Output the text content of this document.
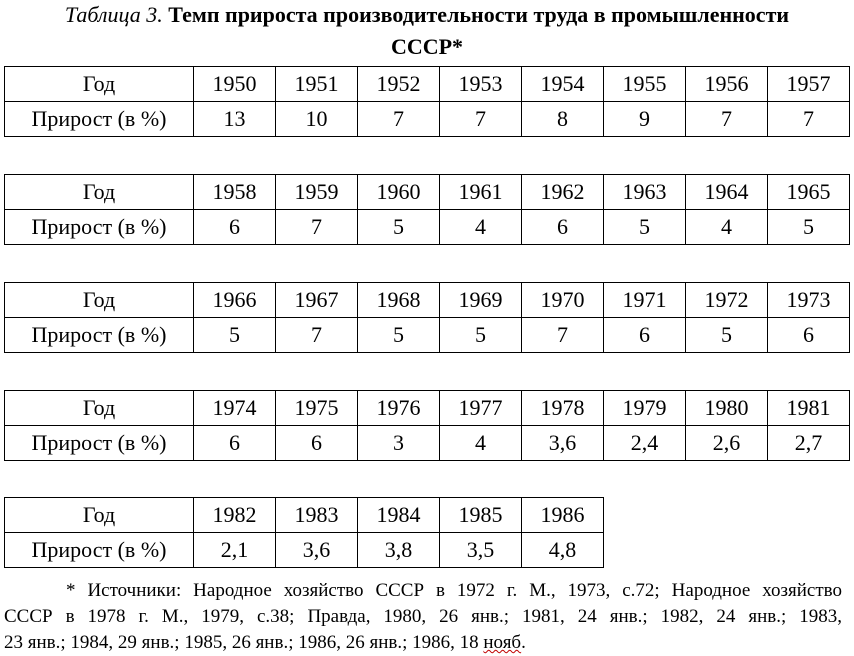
Таблица 3. Темп прироста производительности труда в промышленности
СССР*
Год	1950	1951	1952	1953	1954	1955	1956	1957
Прирост (в %)	13	10	7	7	8	9	7	7
Год	1958	1959	1960	1961	1962	1963	1964	1965
Прирост (в %)	6	7	5	4	6	5	4	5
Год	1966	1967	1968	1969	1970	1971	1972	1973
Прирост (в %)	5	7	5	5	7	6	5	6
Год	1974	1975	1976	1977	1978	1979	1980	1981
Прирост (в %)	6	6	3	4	3,6	2,4	2,6	2,7
Год	1982	1983	1984	1985	1986
Прирост (в %)	2,1	3,6	3,8	3,5	4,8
* Источники: Народное хозяйство СССР в 1972 г. М., 1973, с.72; Народное хозяйство
СССР в 1978 г. М., 1979, с.38; Правда, 1980, 26 янв.; 1981, 24 янв.; 1982, 24 янв.; 1983,
23 янв.; 1984, 29 янв.; 1985, 26 янв.; 1986, 26 янв.; 1986, 18 нояб.
